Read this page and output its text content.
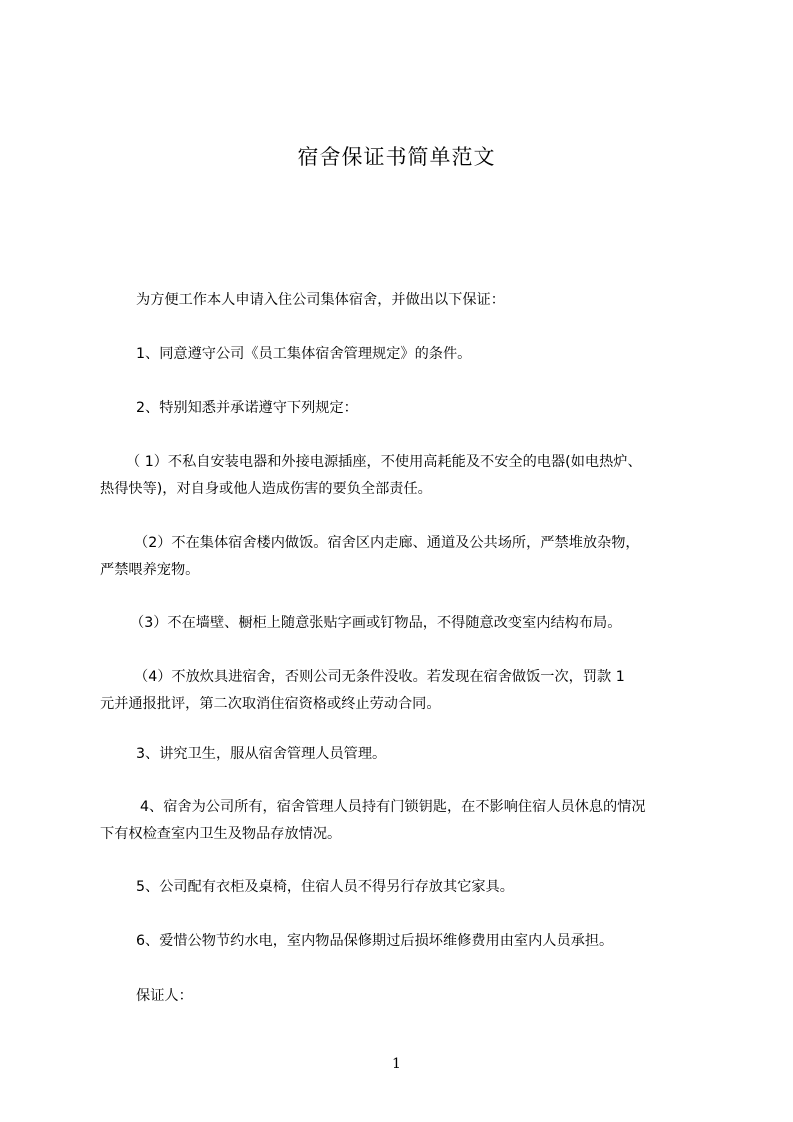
宿舍保证书简单范文
为方便工作本人申请入住公司集体宿舍，并做出以下保证：
1、同意遵守公司《员工集体宿舍管理规定》的条件。
2、特别知悉并承诺遵守下列规定：
（ 1）不私自安装电器和外接电源插座，不使用高耗能及不安全的电器(如电热炉、
热得快等)，对自身或他人造成伤害的要负全部责任。
（2）不在集体宿舍楼内做饭。宿舍区内走廊、通道及公共场所，严禁堆放杂物，
严禁喂养宠物。
（3）不在墙壁、橱柜上随意张贴字画或钉物品，不得随意改变室内结构布局。
（4）不放炊具进宿舍，否则公司无条件没收。若发现在宿舍做饭一次，罚款 1
元并通报批评，第二次取消住宿资格或终止劳动合同。
3、讲究卫生，服从宿舍管理人员管理。
4、宿舍为公司所有，宿舍管理人员持有门锁钥匙，在不影响住宿人员休息的情况
下有权检查室内卫生及物品存放情况。
5、公司配有衣柜及桌椅，住宿人员不得另行存放其它家具。
6、爱惜公物节约水电，室内物品保修期过后损坏维修费用由室内人员承担。
保证人：
1
